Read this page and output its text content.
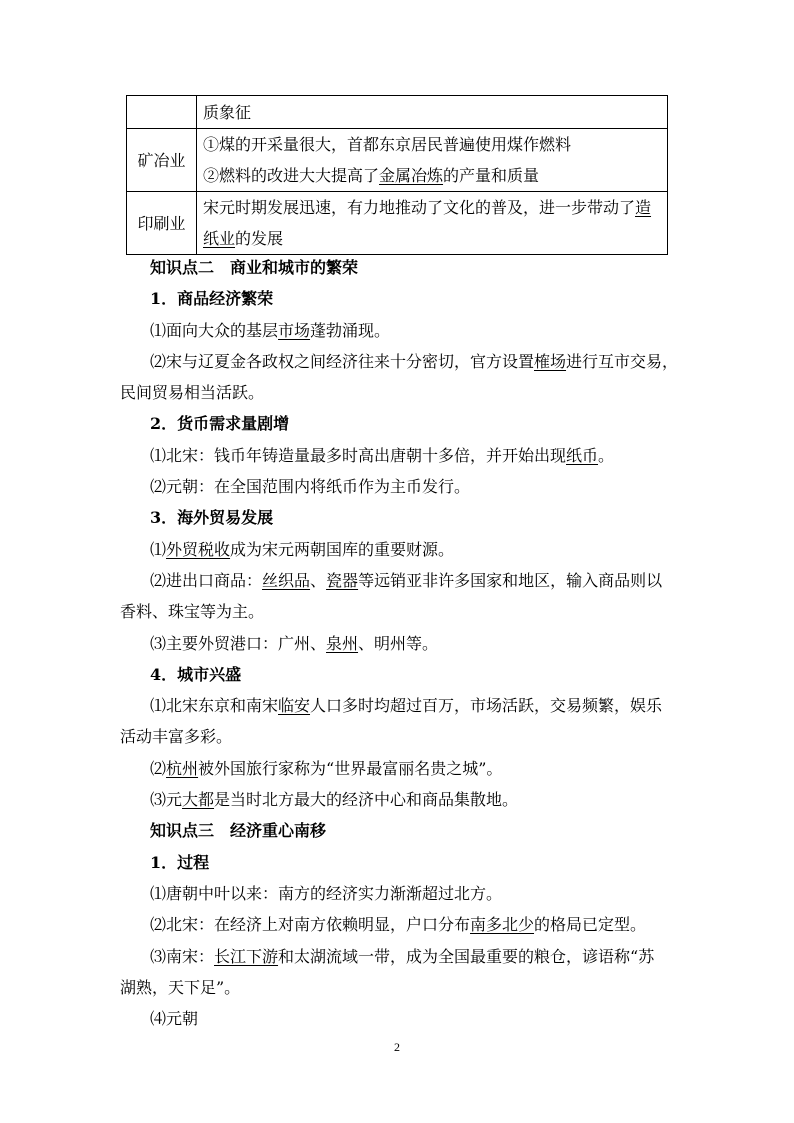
	质象征

矿冶业	①煤的开采量很大，首都东京居民普遍使用煤作燃料
②燃料的改进大大提高了金属冶炼的产量和质量

印刷业	宋元时期发展迅速，有力地推动了文化的普及，进一步带动了造
纸业的发展

知识点二　商业和城市的繁荣

1．商品经济繁荣

⑴面向大众的基层市场蓬勃涌现。

⑵宋与辽夏金各政权之间经济往来十分密切，官方设置榷场进行互市交易，

民间贸易相当活跃。

2．货币需求量剧增

⑴北宋：钱币年铸造量最多时高出唐朝十多倍，并开始出现纸币。

⑵元朝：在全国范围内将纸币作为主币发行。

3．海外贸易发展

⑴外贸税收成为宋元两朝国库的重要财源。

⑵进出口商品：丝织品、瓷器等远销亚非许多国家和地区，输入商品则以

香料、珠宝等为主。

⑶主要外贸港口：广州、泉州、明州等。

4．城市兴盛

⑴北宋东京和南宋临安人口多时均超过百万，市场活跃，交易频繁，娱乐

活动丰富多彩。

⑵杭州被外国旅行家称为“世界最富丽名贵之城”。

⑶元大都是当时北方最大的经济中心和商品集散地。

知识点三　经济重心南移

1．过程

⑴唐朝中叶以来：南方的经济实力渐渐超过北方。

⑵北宋：在经济上对南方依赖明显，户口分布南多北少的格局已定型。

⑶南宋：长江下游和太湖流域一带，成为全国最重要的粮仓，谚语称“苏

湖熟，天下足”。

⑷元朝

2
